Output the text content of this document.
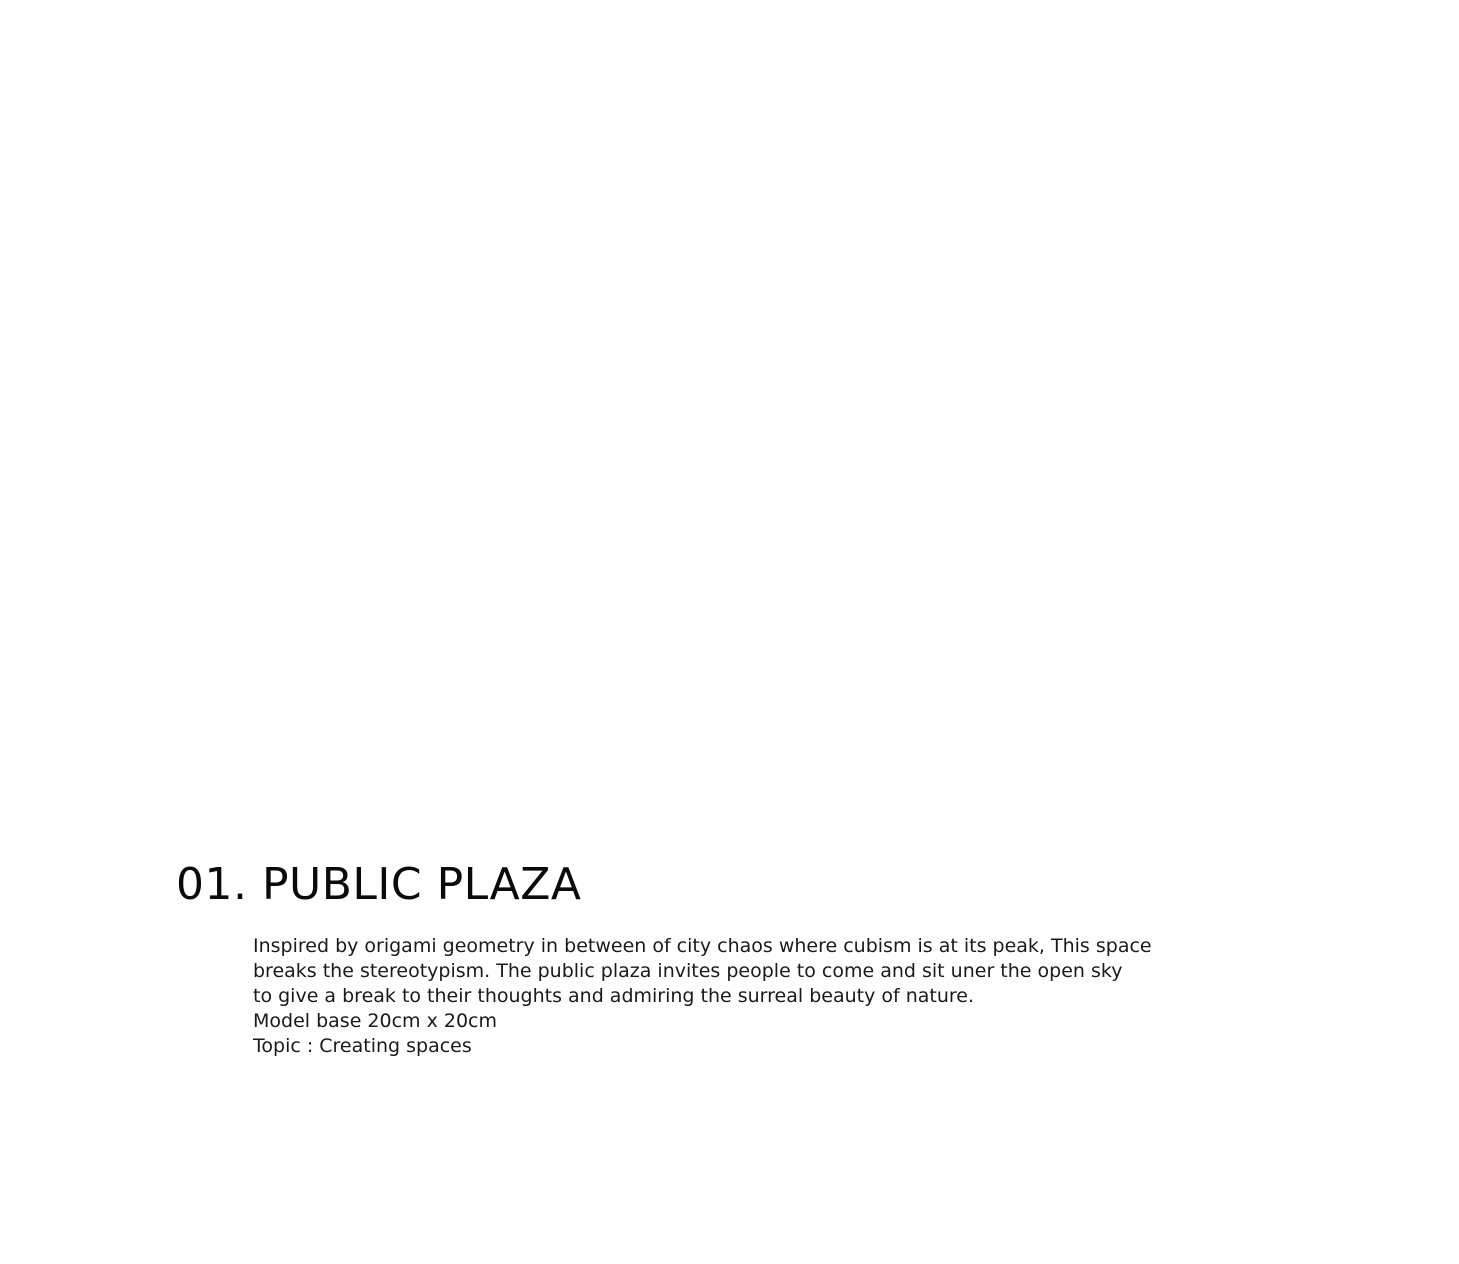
01. PUBLIC PLAZA

Inspired by origami geometry in between of city chaos where cubism is at its peak, This space
breaks the stereotypism. The public plaza invites people to come and sit uner the open sky
to give a break to their thoughts and admiring the surreal beauty of nature.
Model base 20cm x 20cm
Topic : Creating spaces
